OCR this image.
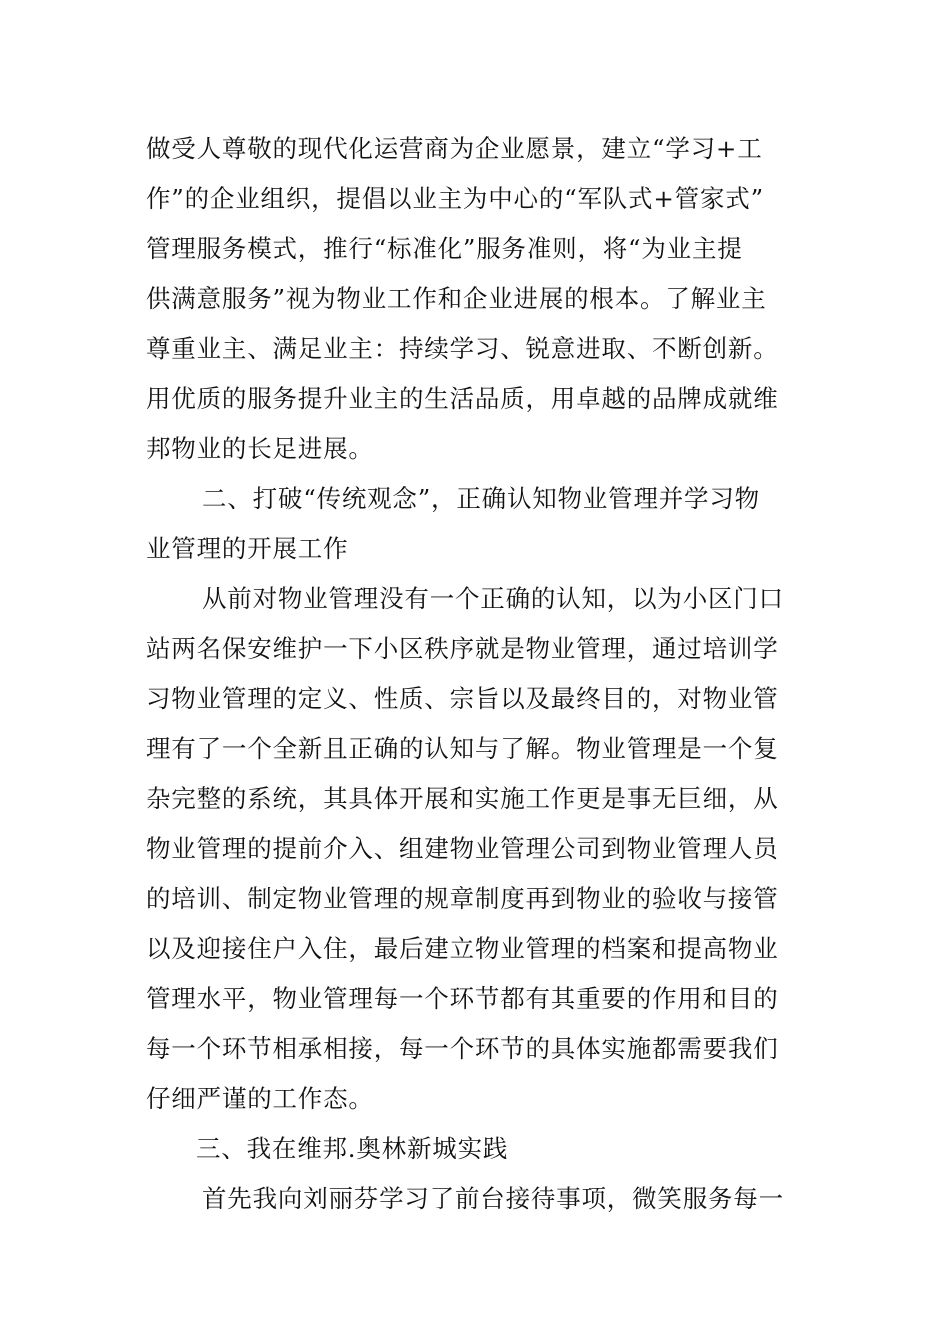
做受人尊敬的现代化运营商为企业愿景，建立“学习+工
作”的企业组织，提倡以业主为中心的“军队式+管家式”
管理服务模式，推行“标准化”服务准则，将“为业主提
供满意服务”视为物业工作和企业进展的根本。了解业主
尊重业主、满足业主：持续学习、锐意进取、不断创新。
用优质的服务提升业主的生活品质，用卓越的品牌成就维
邦物业的长足进展。
二、打破“传统观念”，正确认知物业管理并学习物
业管理的开展工作
从前对物业管理没有一个正确的认知，以为小区门口
站两名保安维护一下小区秩序就是物业管理，通过培训学
习物业管理的定义、性质、宗旨以及最终目的，对物业管
理有了一个全新且正确的认知与了解。物业管理是一个复
杂完整的系统，其具体开展和实施工作更是事无巨细，从
物业管理的提前介入、组建物业管理公司到物业管理人员
的培训、制定物业管理的规章制度再到物业的验收与接管
以及迎接住户入住，最后建立物业管理的档案和提高物业
管理水平，物业管理每一个环节都有其重要的作用和目的
每一个环节相承相接，每一个环节的具体实施都需要我们
仔细严谨的工作态。
三、我在维邦.奥林新城实践
首先我向刘丽芬学习了前台接待事项，微笑服务每一
